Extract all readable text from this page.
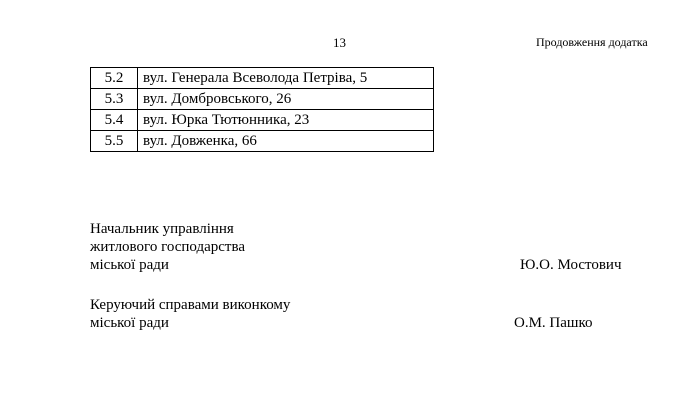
13	Продовження додатка
5.2	вул. Генерала Всеволода Петріва, 5
5.3	вул. Домбровського, 26
5.4	вул. Юрка Тютюнника, 23
5.5	вул. Довженка, 66
Начальник управління
житлового господарства
міської ради	Ю.О. Мостович
Керуючий справами виконкому
міської ради	О.М. Пашко
